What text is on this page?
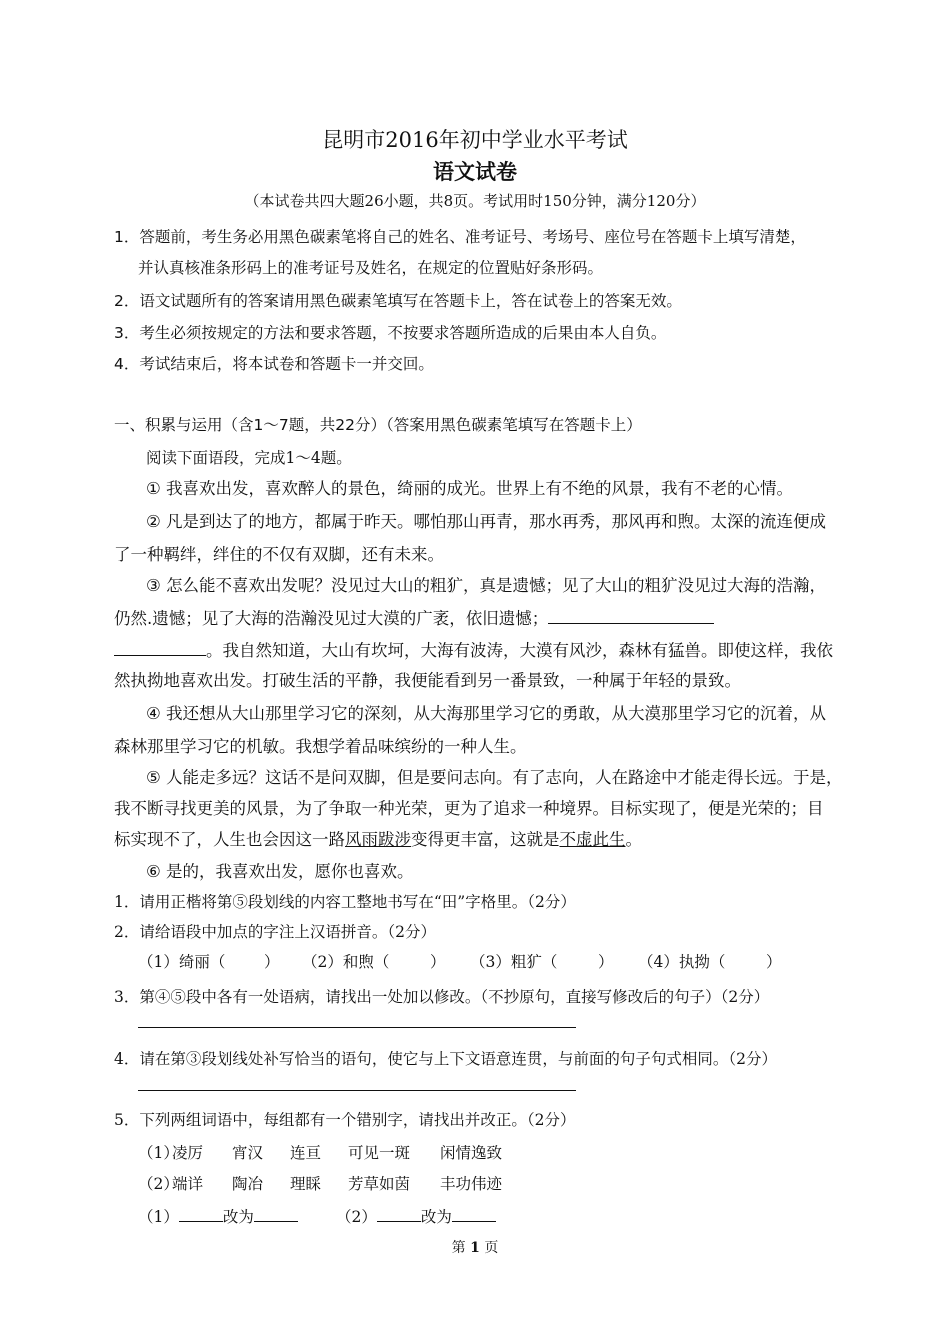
昆明市2016年初中学业水平考试
语文试卷
（本试卷共四大题26小题，共8页。考试用时150分钟，满分120分）
1．答题前，考生务必用黑色碳素笔将自己的姓名、准考证号、考场号、座位号在答题卡上填写清楚，
并认真核准条形码上的准考证号及姓名，在规定的位置贴好条形码。
2．语文试题所有的答案请用黑色碳素笔填写在答题卡上，答在试卷上的答案无效。
3．考生必须按规定的方法和要求答题，不按要求答题所造成的后果由本人自负。
4．考试结束后，将本试卷和答题卡一并交回。
一、积累与运用（含1～7题，共22分）（答案用黑色碳素笔填写在答题卡上）
阅读下面语段，完成1～4题。
① 我喜欢出发，喜欢醉人的景色，绮丽的成光。世界上有不绝的风景，我有不老的心情。
② 凡是到达了的地方，都属于昨天。哪怕那山再青，那水再秀，那风再和煦。太深的流连便成
了一种羁绊，绊住的不仅有双脚，还有未来。
③ 怎么能不喜欢出发呢？没见过大山的粗犷，真是遗憾；见了大山的粗犷没见过大海的浩瀚，
仍然.遗憾；见了大海的浩瀚没见过大漠的广袤，依旧遗憾；
。我自然知道，大山有坎坷，大海有波涛，大漠有风沙，森林有猛兽。即使这样，我依
然执拗地喜欢出发。打破生活的平静，我便能看到另一番景致，一种属于年轻的景致。
④ 我还想从大山那里学习它的深刻，从大海那里学习它的勇敢，从大漠那里学习它的沉着，从
森林那里学习它的机敏。我想学着品味缤纷的一种人生。
⑤ 人能走多远？这话不是问双脚，但是要问志向。有了志向，人在路途中才能走得长远。于是，
我不断寻找更美的风景，为了争取一种光荣，更为了追求一种境界。目标实现了，便是光荣的；目
标实现不了，人生也会因这一路风雨跋涉变得更丰富，这就是不虚此生。
⑥ 是的，我喜欢出发，愿你也喜欢。
1．请用正楷将第⑤段划线的内容工整地书写在“田”字格里。（2分）
2．请给语段中加点的字注上汉语拼音。（2分）
（1）绮丽（ ） （2）和煦（	） （3）粗犷（	） （4）执拗（	）
3．第④⑤段中各有一处语病，请找出一处加以修改。（不抄原句，直接写修改后的句子）（2分）
4．请在第③段划线处补写恰当的语句，使它与上下文语意连贯，与前面的句子句式相同。（2分）
5．下列两组词语中，每组都有一个错别字，请找出并改正。（2分）
（1）
凌厉 宵汉 连亘 可见一斑 闲情逸致
（2）
端详 陶冶 理睬 芳草如茵 丰功伟迹
（1）	改为	（2）	改为
第 1 页
